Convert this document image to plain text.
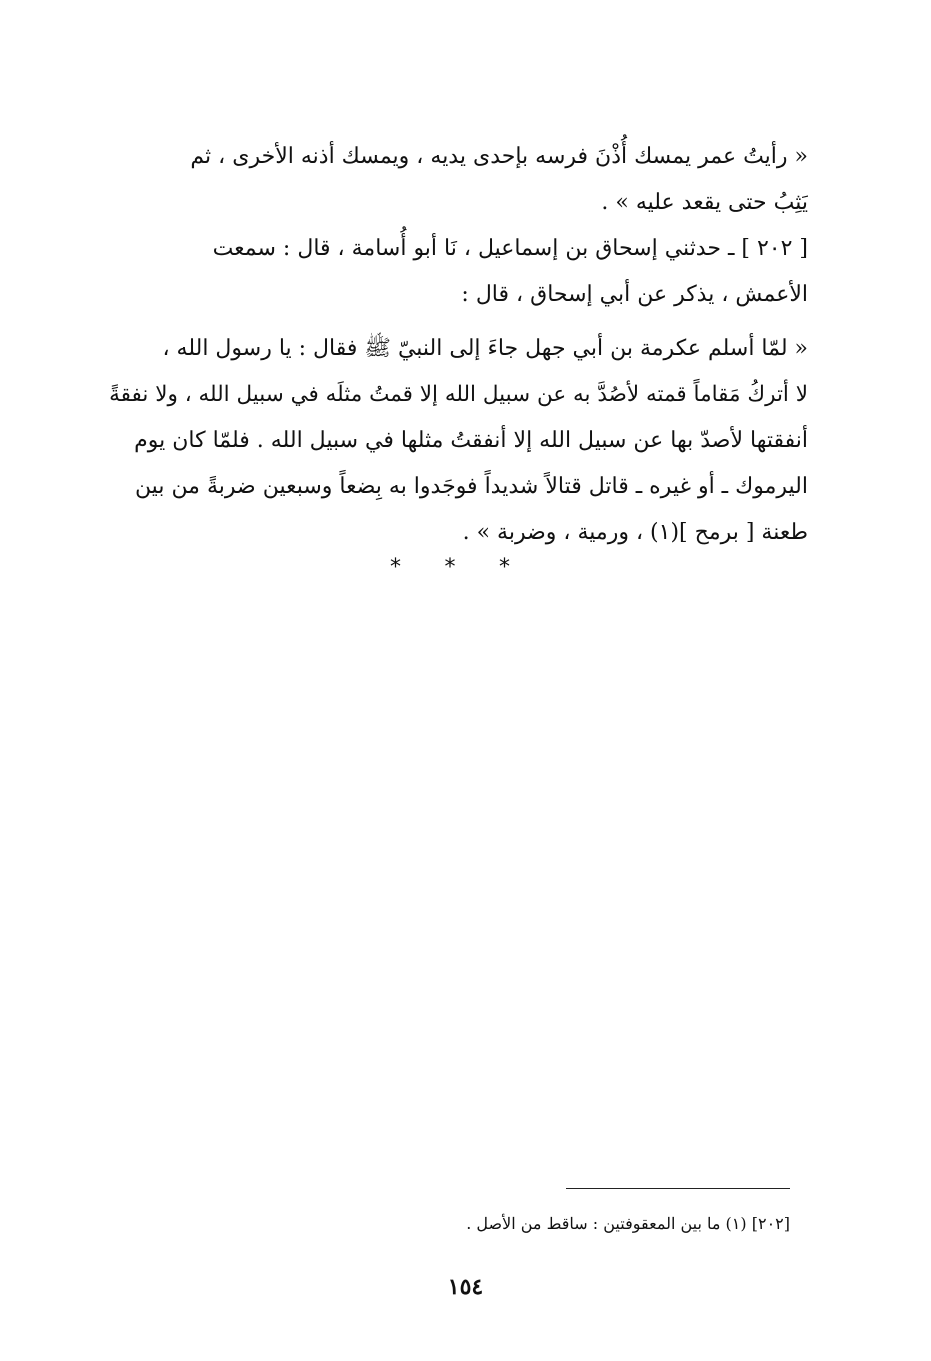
« رأيتُ عمر يمسك أُذْنَ فرسه بإحدى يديه ، ويمسك أذنه الأخرى ، ثم
يَثِبُ حتى يقعد عليه » .
[ ٢٠٢ ] ـ حدثني إسحاق بن إسماعيل ، نَا أبو أُسامة ، قال : سمعت
الأعمش ، يذكر عن أبي إسحاق ، قال :
« لمّا أسلم عكرمة بن أبي جهل جاءَ إلى النبيّ ﷺ فقال : يا رسول الله ،
لا أتركُ مَقاماً قمته لأصُدَّ به عن سبيل الله إلا قمتُ مثلَه في سبيل الله ، ولا نفقةً
أنفقتها لأصدّ بها عن سبيل الله إلا أنفقتُ مثلها في سبيل الله . فلمّا كان يوم
اليرموك ـ أو غيره ـ قاتل قتالاً شديداً فوجَدوا به بِضعاً وسبعين ضربةً من بين
طعنة [ برمح ](١) ، ورمية ، وضربة » .
* * *
[٢٠٢] (١) ما بين المعقوفتين : ساقط من الأصل .
١٥٤
